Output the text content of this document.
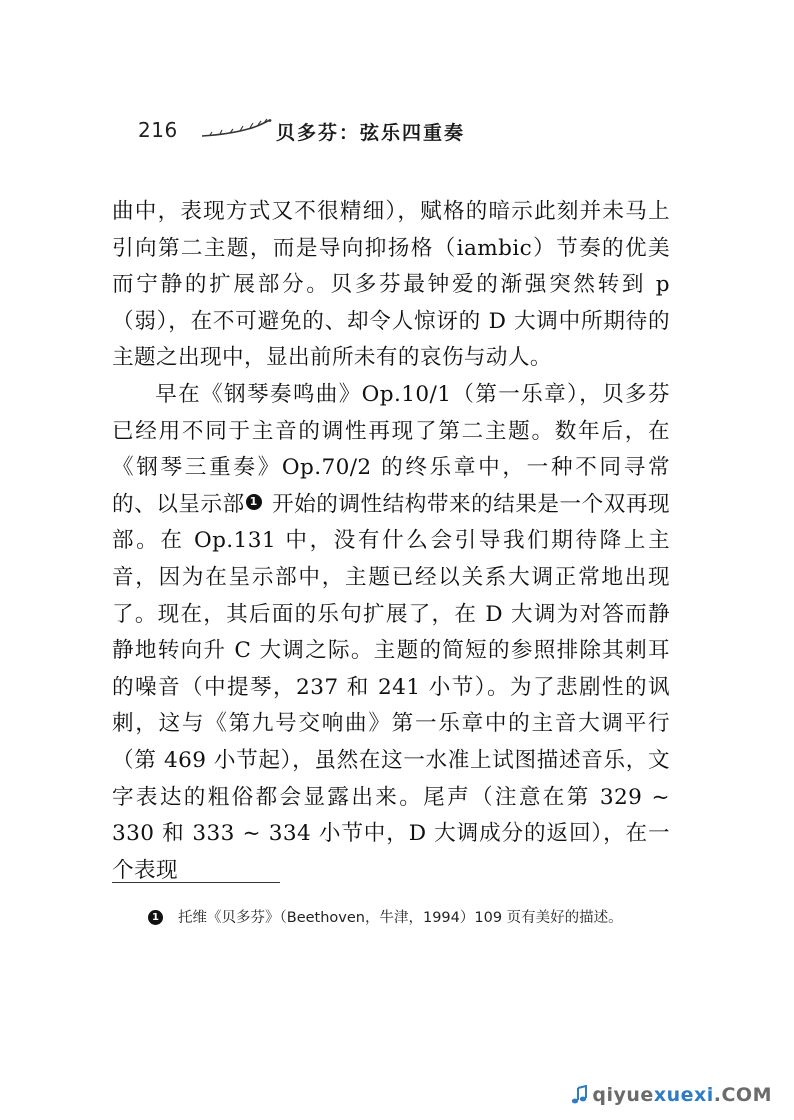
216	贝多芬：弦乐四重奏

曲中，表现方式又不很精细），赋格的暗示此刻并未马上引向第二主题，而是导向抑扬格（iambic）节奏的优美而宁静的扩展部分。贝多芬最钟爱的渐强突然转到 p（弱），在不可避免的、却令人惊讶的 D 大调中所期待的主题之出现中，显出前所未有的哀伤与动人。

早在《钢琴奏鸣曲》Op.10/1（第一乐章），贝多芬已经用不同于主音的调性再现了第二主题。数年后，在《钢琴三重奏》Op.70/2 的终乐章中，一种不同寻常的、以呈示部 1 开始的调性结构带来的结果是一个双再现部。在 Op.131 中，没有什么会引导我们期待降上主音，因为在呈示部中，主题已经以关系大调正常地出现了。现在，其后面的乐句扩展了，在 D 大调为对答而静静地转向升 C 大调之际。主题的简短的参照排除其刺耳的噪音（中提琴，237 和 241 小节）。为了悲剧性的讽刺，这与《第九号交响曲》第一乐章中的主音大调平行（第 469 小节起），虽然在这一水准上试图描述音乐，文字表达的粗俗都会显露出来。尾声（注意在第 329 ~ 330 和 333 ~ 334 小节中，D 大调成分的返回），在一个表现

1 托维《贝多芬》（Beethoven，牛津，1994）109 页有美好的描述。
qiyue xuexi .COM
